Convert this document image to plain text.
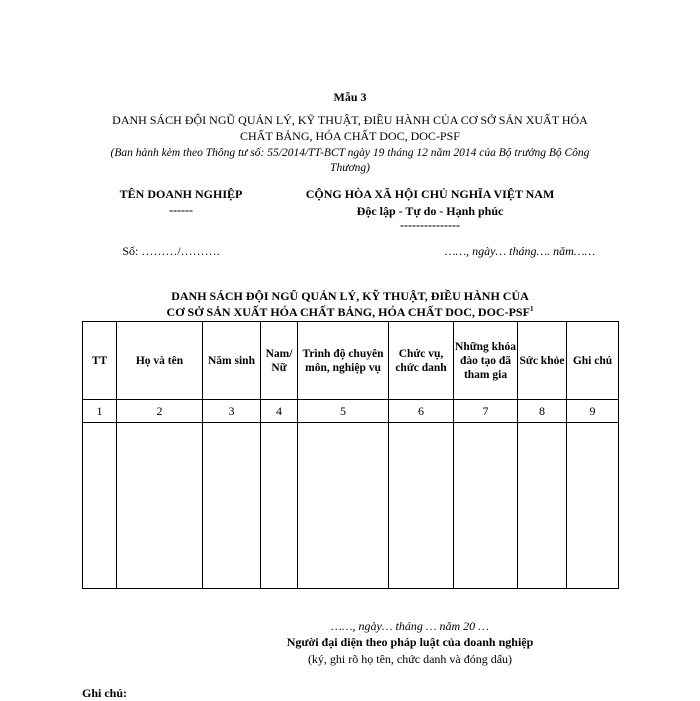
Mẫu 3
DANH SÁCH ĐỘI NGŨ QUẢN LÝ, KỸ THUẬT, ĐIỀU HÀNH CỦA CƠ SỞ SẢN XUẤT HÓA
CHẤT BẢNG, HÓA CHẤT DOC, DOC-PSF
(Ban hành kèm theo Thông tư số: 55/2014/TT-BCT ngày 19 tháng 12 năm 2014 của Bộ trưởng Bộ Công
Thương)
TÊN DOANH NGHIỆP
------
CỘNG HÒA XÃ HỘI CHỦ NGHĨA VIỆT NAM
Độc lập - Tự do - Hạnh phúc
---------------
Số: ………/……….	……, ngày… tháng…. năm……
DANH SÁCH ĐỘI NGŨ QUẢN LÝ, KỸ THUẬT, ĐIỀU HÀNH CỦA
CƠ SỞ SẢN XUẤT HÓA CHẤT BẢNG, HÓA CHẤT DOC, DOC-PSF$^1$
TT	Họ và tên	Năm sinh	Nam/ Nữ	Trình độ chuyên môn, nghiệp vụ	Chức vụ, chức danh	Những khóa đào tạo đã tham gia	Sức khỏe	Ghi chú
1	2	3	4	5	6	7	8	9

……, ngày… tháng … năm 20 …
Người đại diện theo pháp luật của doanh nghiệp
(ký, ghi rõ họ tên, chức danh và đóng dấu)
Ghi chú:
